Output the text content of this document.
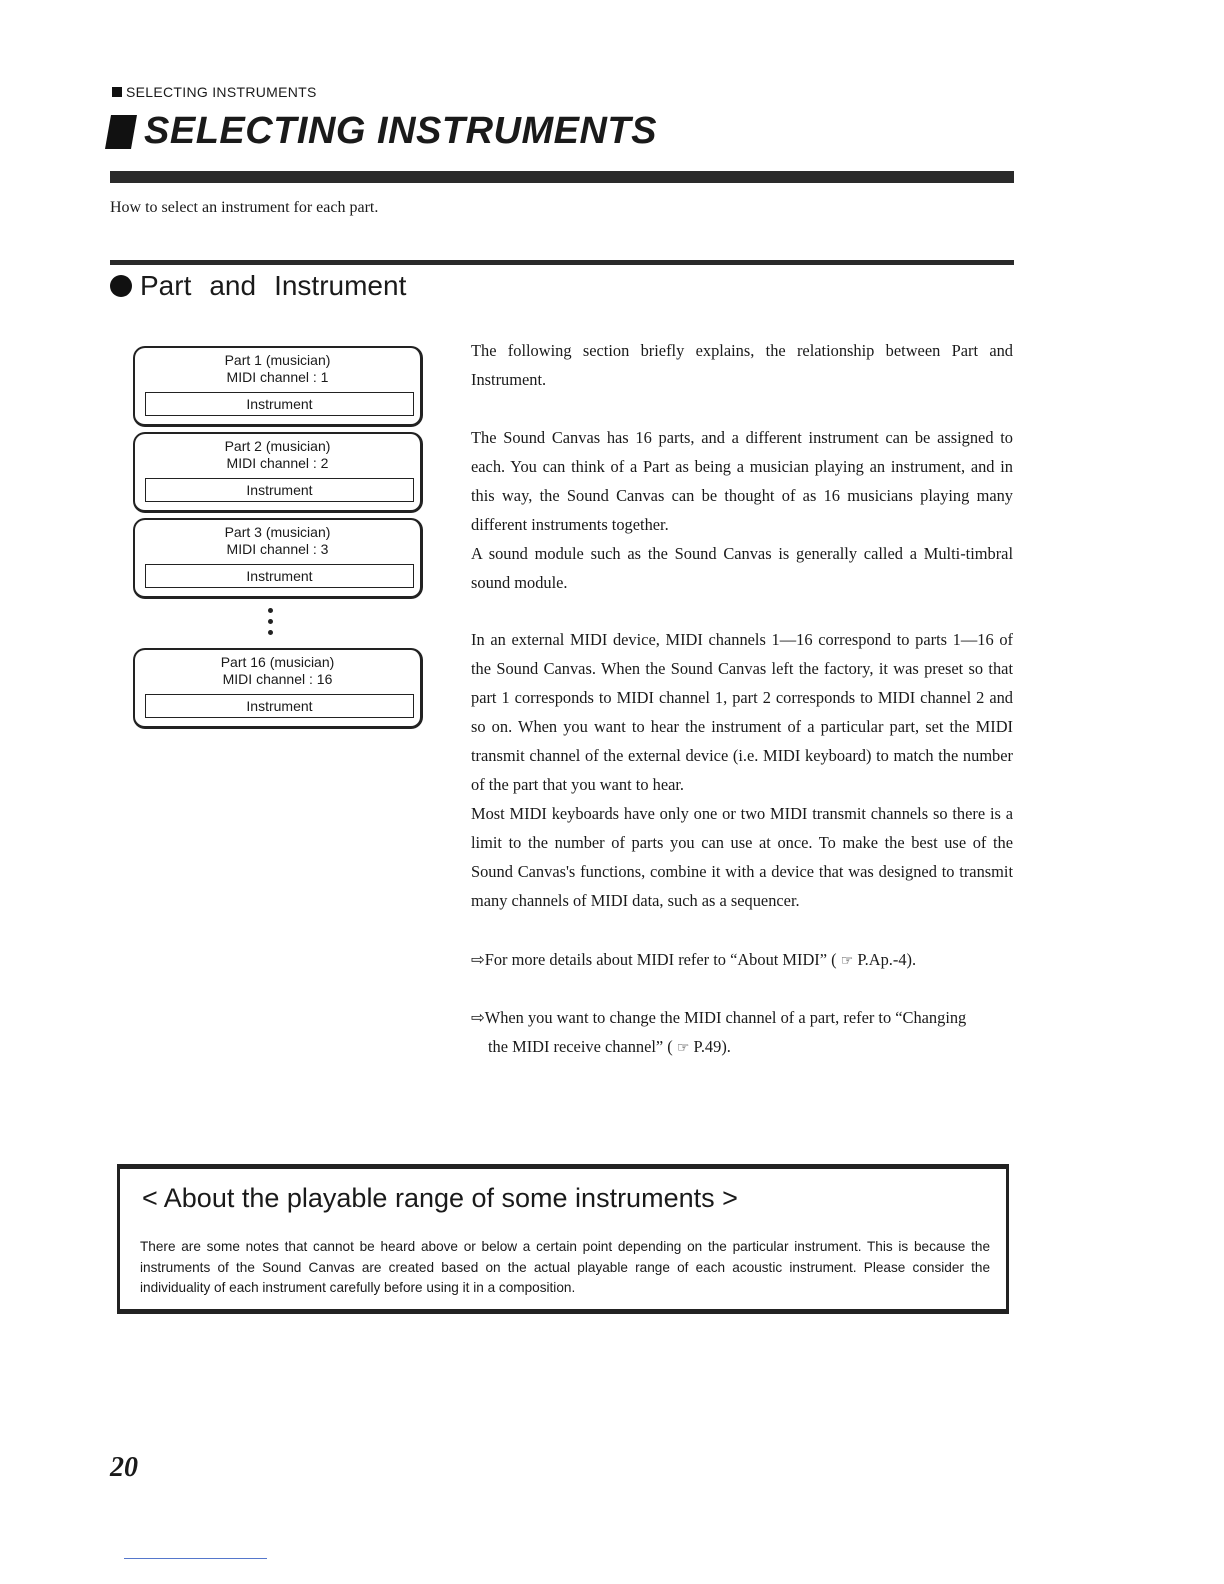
SELECTING INSTRUMENTS
SELECTING INSTRUMENTS
How to select an instrument for each part.
Part and Instrument
Part 1 (musician)
MIDI channel : 1
Instrument
Part 2 (musician)
MIDI channel : 2
Instrument
Part 3 (musician)
MIDI channel : 3
Instrument
Part 16 (musician)
MIDI channel : 16
Instrument

The following section briefly explains, the relationship between Part and Instrument.

The Sound Canvas has 16 parts, and a different instrument can be assigned to each. You can think of a Part as being a musician playing an instrument, and in this way, the Sound Canvas can be thought of as 16 musicians playing many different instruments together.

A sound module such as the Sound Canvas is generally called a Multi-timbral sound module.

In an external MIDI device, MIDI channels 1—16 correspond to parts 1—16 of the Sound Canvas. When the Sound Canvas left the factory, it was preset so that part 1 corresponds to MIDI channel 1, part 2 corresponds to MIDI channel 2 and so on. When you want to hear the instrument of a particular part, set the MIDI transmit channel of the external device (i.e. MIDI keyboard) to match the number of the part that you want to hear.

Most MIDI keyboards have only one or two MIDI transmit channels so there is a limit to the number of parts you can use at once. To make the best use of the Sound Canvas's functions, combine it with a device that was designed to transmit many channels of MIDI data, such as a sequencer.

⇨For more details about MIDI refer to “About MIDI” ( ☞ P.Ap.-4).
⇨When you want to change the MIDI channel of a part, refer to “Changing
the MIDI receive channel” ( ☞ P.49).
< About the playable range of some instruments >
There are some notes that cannot be heard above or below a certain point depending on the particular instrument. This is because the instruments of the Sound Canvas are created based on the actual playable range of each acoustic instrument. Please consider the individuality of each instrument carefully before using it in a composition.
20
